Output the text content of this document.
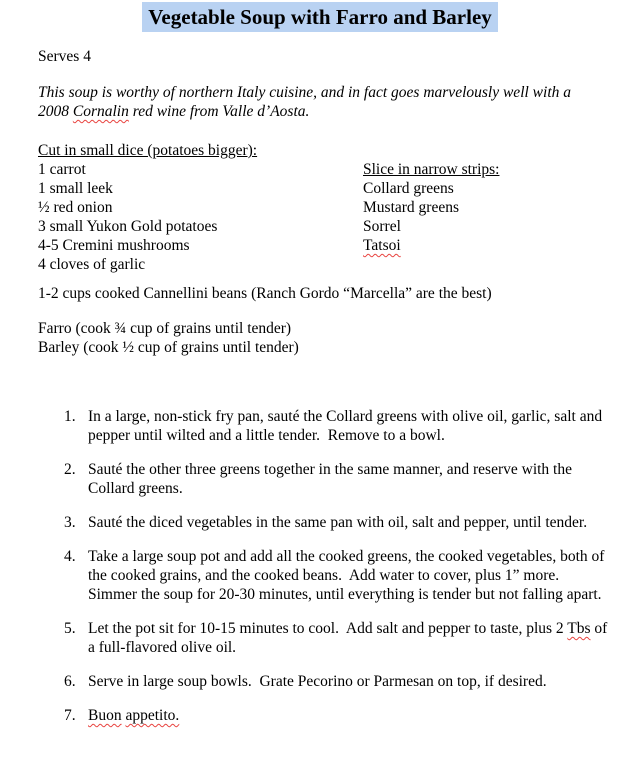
Vegetable Soup with Farro and Barley
Serves 4
This soup is worthy of northern Italy cuisine, and in fact goes marvelously well with a 2008 Cornalin red wine from Valle d’Aosta.
Cut in small dice (potatoes bigger):
1 carrot
1 small leek
½ red onion
3 small Yukon Gold potatoes
4-5 Cremini mushrooms
4 cloves of garlic
Slice in narrow strips:
Collard greens
Mustard greens
Sorrel
Tatsoi
1-2 cups cooked Cannellini beans (Ranch Gordo “Marcella” are the best)
Farro (cook ¾ cup of grains until tender)
Barley (cook ½ cup of grains until tender)
1. In a large, non-stick fry pan, sauté the Collard greens with olive oil, garlic, salt and pepper until wilted and a little tender.  Remove to a bowl.
2. Sauté the other three greens together in the same manner, and reserve with the Collard greens.
3. Sauté the diced vegetables in the same pan with oil, salt and pepper, until tender.
4. Take a large soup pot and add all the cooked greens, the cooked vegetables, both of the cooked grains, and the cooked beans.  Add water to cover, plus 1” more.  Simmer the soup for 20-30 minutes, until everything is tender but not falling apart.
5. Let the pot sit for 10-15 minutes to cool.  Add salt and pepper to taste, plus 2 Tbs of a full-flavored olive oil.
6. Serve in large soup bowls.  Grate Pecorino or Parmesan on top, if desired.
7. Buon appetito.
